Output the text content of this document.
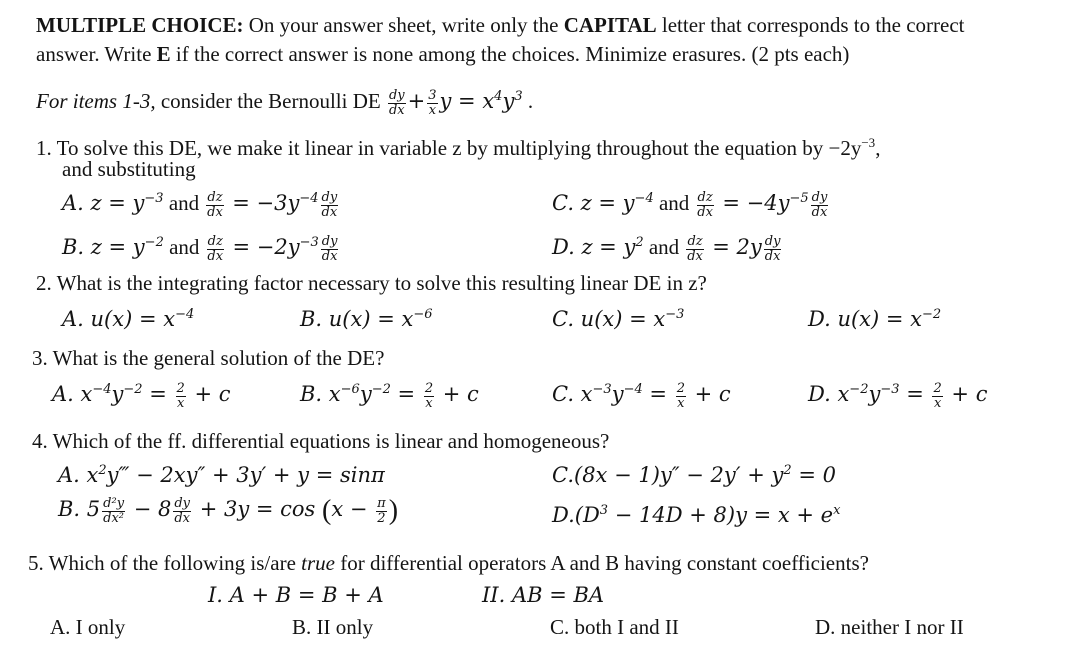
MULTIPLE CHOICE: On your answer sheet, write only the CAPITAL letter that corresponds to the correct
answer. Write E if the correct answer is none among the choices. Minimize erasures. (2 pts each)
For items 1-3, consider the Bernoulli DE $\frac{dy}{dx} + \frac{3}{x}$ $y = x^4y^3$ .
1. To solve this DE, we make it linear in variable z by multiplying throughout the equation by $-2y^{-3}$,
and substituting
A. $z = y^{-3}$ and $\frac{dz}{dx} = -3y^{-4} \frac{dy}{dx}$	C. $z = y^{-4}$ and $\frac{dz}{dx} = -4y^{-5} \frac{dy}{dx}$
B. $z = y^{-2}$ and $\frac{dz}{dx} = -2y^{-3} \frac{dy}{dx}$	D. $z = y^2$ and $\frac{dz}{dx} = 2y \frac{dy}{dx}$
2. What is the integrating factor necessary to solve this resulting linear DE in z?
A. $u(x) = x^{-4}$	B. $u(x) = x^{-6}$	C. $u(x) = x^{-3}$	D. $u(x) = x^{-2}$
3. What is the general solution of the DE?
A. $x^{-4}y^{-2} = \frac{2}{x} + c$	B. $x^{-6}y^{-2} = \frac{2}{x} + c$	C. $x^{-3}y^{-4} = \frac{2}{x} + c$	D. $x^{-2}y^{-3} = \frac{2}{x} + c$
4. Which of the ff. differential equations is linear and homogeneous?
A. $x^2y‴ - 2xy'' + 3y' + y = \sin\pi$	$C.(8x - 1)y'' - 2y' + y^2 = 0$
B. $5 \frac{\text{d²y}}{\text{dx²}} - 8 \frac{dy}{dx} + 3y = \cos (x - \frac{\pi}{2}$ )	$D.(D^3 - 14D + 8)y = x + e^x$
5. Which of the following is/are true for differential operators A and B having constant coefficients?
I. A + B = B + A	II. AB = BA
A. I only	B. II only	C. both I and II	D. neither I nor II
